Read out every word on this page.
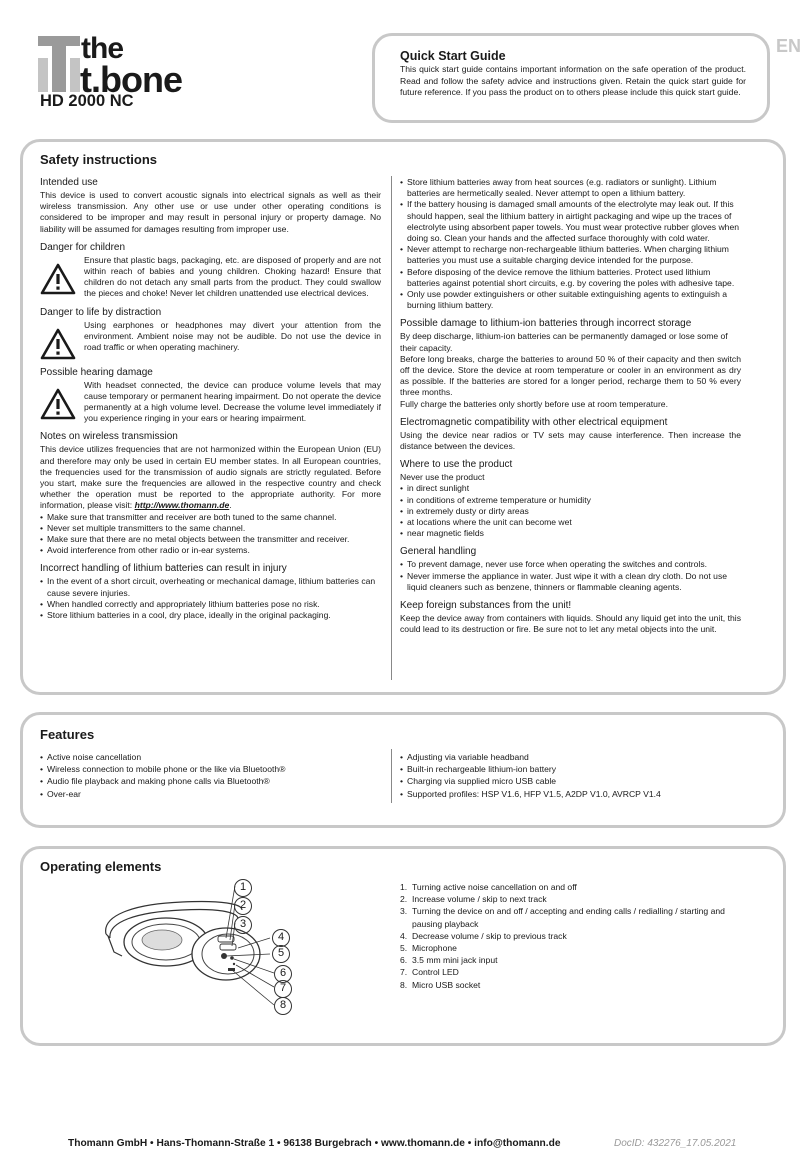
the
t.bone
HD 2000 NC
EN
Quick Start Guide
This quick start guide contains important information on the safe operation of the product. Read and follow the safety advice and instructions given. Retain the quick start guide for future reference. If you pass the product on to others please include this quick start guide.
Safety instructions
Intended use
This device is used to convert acoustic signals into electrical signals as well as their wireless transmission. Any other use or use under other operating conditions is considered to be improper and may result in personal injury or property damage. No liability will be assumed for damages resulting from improper use.
Danger for children
Ensure that plastic bags, packaging, etc. are disposed of properly and are not within reach of babies and young children. Choking hazard! Ensure that children do not detach any small parts from the product. They could swallow the pieces and choke! Never let children unattended use electrical devices.
Danger to life by distraction
Using earphones or headphones may divert your attention from the environment. Ambient noise may not be audible. Do not use the device in road traffic or when operating machinery.
Possible hearing damage
With headset connected, the device can produce volume levels that may cause temporary or permanent hearing impairment. Do not operate the device permanently at a high volume level. Decrease the volume level immediately if you experience ringing in your ears or hearing impairment.
Notes on wireless transmission
This device utilizes frequencies that are not harmonized within the European Union (EU) and therefore may only be used in certain EU member states. In all European countries, the frequencies used for the transmission of audio signals are strictly regulated. Before you start, make sure the frequencies are allowed in the respective country and check whether the operation must be reported to the appropriate authority. For more information, please visit: http://www.thomann.de.
• Make sure that transmitter and receiver are both tuned to the same channel.
• Never set multiple transmitters to the same channel.
• Make sure that there are no metal objects between the transmitter and receiver.
• Avoid interference from other radio or in-ear systems.
Incorrect handling of lithium batteries can result in injury
• In the event of a short circuit, overheating or mechanical damage, lithium batteries can cause severe injuries.
• When handled correctly and appropriately lithium batteries pose no risk.
• Store lithium batteries in a cool, dry place, ideally in the original packaging.
• Store lithium batteries away from heat sources (e.g. radiators or sunlight). Lithium batteries are hermetically sealed. Never attempt to open a lithium battery.
• If the battery housing is damaged small amounts of the electrolyte may leak out. If this should happen, seal the lithium battery in airtight packaging and wipe up the traces of electrolyte using absorbent paper towels. You must wear protective rubber gloves when doing so. Clean your hands and the affected surface thoroughly with cold water.
• Never attempt to recharge non-rechargeable lithium batteries. When charging lithium batteries you must use a suitable charging device intended for the purpose.
• Before disposing of the device remove the lithium batteries. Protect used lithium batteries against potential short circuits, e.g. by covering the poles with adhesive tape.
• Only use powder extinguishers or other suitable extinguishing agents to extinguish a burning lithium battery.
Possible damage to lithium-ion batteries through incorrect storage
By deep discharge, lithium-ion batteries can be permanently damaged or lose some of their capacity.
Before long breaks, charge the batteries to around 50 % of their capacity and then switch off the device. Store the device at room temperature or cooler in an environment as dry as possible. If the batteries are stored for a longer period, recharge them to 50 % every three months.
Fully charge the batteries only shortly before use at room temperature.
Electromagnetic compatibility with other electrical equipment
Using the device near radios or TV sets may cause interference. Then increase the distance between the devices.
Where to use the product
Never use the product
• in direct sunlight
• in conditions of extreme temperature or humidity
• in extremely dusty or dirty areas
• at locations where the unit can become wet
• near magnetic fields
General handling
• To prevent damage, never use force when operating the switches and controls.
• Never immerse the appliance in water. Just wipe it with a clean dry cloth. Do not use liquid cleaners such as benzene, thinners or flammable cleaning agents.
Keep foreign substances from the unit!
Keep the device away from containers with liquids. Should any liquid get into the unit, this could lead to its destruction or fire. Be sure not to let any metal objects into the unit.
Features
• Active noise cancellation
• Wireless connection to mobile phone or the like via Bluetooth®
• Audio file playback and making phone calls via Bluetooth®
• Over-ear
• Adjusting via variable headband
• Built-in rechargeable lithium-ion battery
• Charging via supplied micro USB cable
• Supported profiles: HSP V1.6, HFP V1.5, A2DP V1.0, AVRCP V1.4
Operating elements
1
2
3
4
5
6
7
8
1. Turning active noise cancellation on and off
2. Increase volume / skip to next track
3. Turning the device on and off / accepting and ending calls / redialling / starting and pausing playback
4. Decrease volume / skip to previous track
5. Microphone
6. 3.5 mm mini jack input
7. Control LED
8. Micro USB socket
Thomann GmbH • Hans-Thomann-Straße 1 • 96138 Burgebrach • www.thomann.de • info@thomann.de	DocID: 432276_17.05.2021
